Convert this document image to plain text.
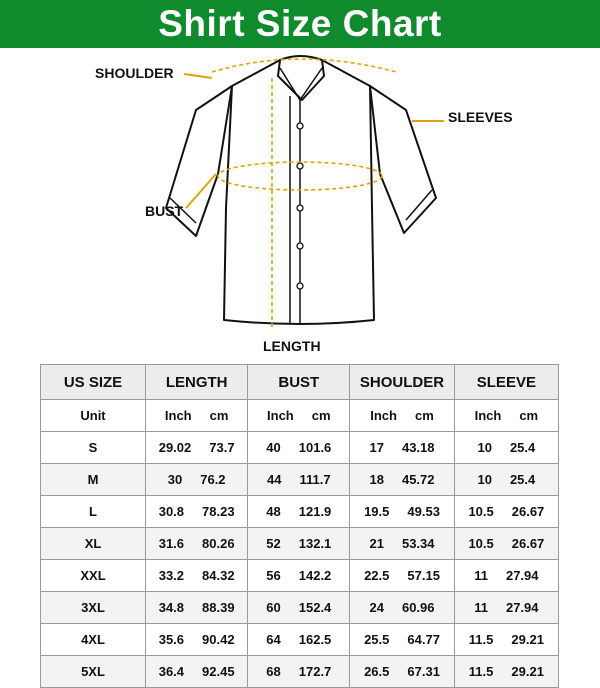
Shirt Size Chart
SHOULDER
SLEEVES
BUST
LENGTH
US SIZE	LENGTH	BUST	SHOULDER	SLEEVE
Unit	Inch cm	Inch cm	Inch cm	Inch cm

S	29.02 73.7	40 101.6	17 43.18	10 25.4

M	30 76.2	44 111.7	18 45.72	10 25.4

L	30.8 78.23	48 121.9	19.5 49.53	10.5 26.67

XL	31.6 80.26	52 132.1	21 53.34	10.5 26.67

XXL	33.2 84.32	56 142.2	22.5 57.15	11 27.94

3XL	34.8 88.39	60 152.4	24 60.96	11 27.94

4XL	35.6 90.42	64 162.5	25.5 64.77	11.5 29.21

5XL	36.4 92.45	68 172.7	26.5 67.31	11.5 29.21
